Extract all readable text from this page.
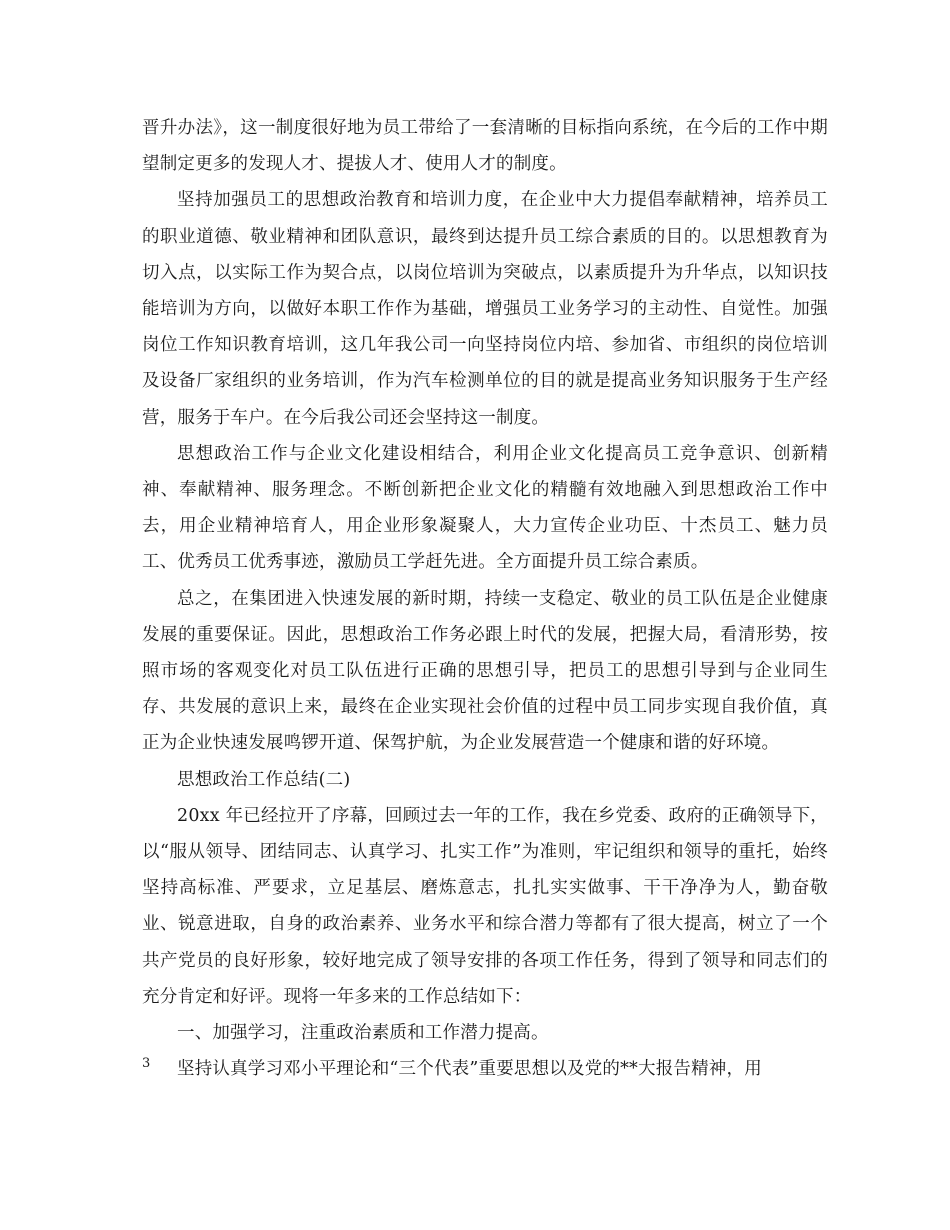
晋升办法》，这一制度很好地为员工带给了一套清晰的目标指向系统，在今后的工作中期望制定更多的发现人才、提拔人才、使用人才的制度。

坚持加强员工的思想政治教育和培训力度，在企业中大力提倡奉献精神，培养员工的职业道德、敬业精神和团队意识，最终到达提升员工综合素质的目的。以思想教育为切入点，以实际工作为契合点，以岗位培训为突破点，以素质提升为升华点，以知识技能培训为方向，以做好本职工作作为基础，增强员工业务学习的主动性、自觉性。加强岗位工作知识教育培训，这几年我公司一向坚持岗位内培、参加省、市组织的岗位培训及设备厂家组织的业务培训，作为汽车检测单位的目的就是提高业务知识服务于生产经营，服务于车户。在今后我公司还会坚持这一制度。

思想政治工作与企业文化建设相结合，利用企业文化提高员工竞争意识、创新精神、奉献精神、服务理念。不断创新把企业文化的精髓有效地融入到思想政治工作中去，用企业精神培育人，用企业形象凝聚人，大力宣传企业功臣、十杰员工、魅力员工、优秀员工优秀事迹，激励员工学赶先进。全方面提升员工综合素质。

总之，在集团进入快速发展的新时期，持续一支稳定、敬业的员工队伍是企业健康发展的重要保证。因此，思想政治工作务必跟上时代的发展，把握大局，看清形势，按照市场的客观变化对员工队伍进行正确的思想引导，把员工的思想引导到与企业同生存、共发展的意识上来，最终在企业实现社会价值的过程中员工同步实现自我价值，真正为企业快速发展鸣锣开道、保驾护航，为企业发展营造一个健康和谐的好环境。

思想政治工作总结(二)

20xx 年已经拉开了序幕，回顾过去一年的工作，我在乡党委、政府的正确领导下，以“服从领导、团结同志、认真学习、扎实工作”为准则，牢记组织和领导的重托，始终坚持高标准、严要求，立足基层、磨炼意志，扎扎实实做事、干干净净为人，勤奋敬业、锐意进取，自身的政治素养、业务水平和综合潜力等都有了很大提高，树立了一个共产党员的良好形象，较好地完成了领导安排的各项工作任务，得到了领导和同志们的充分肯定和好评。现将一年多来的工作总结如下：

一、加强学习，注重政治素质和工作潜力提高。

坚持认真学习邓小平理论和“三个代表”重要思想以及党的**大报告精神，用

3
